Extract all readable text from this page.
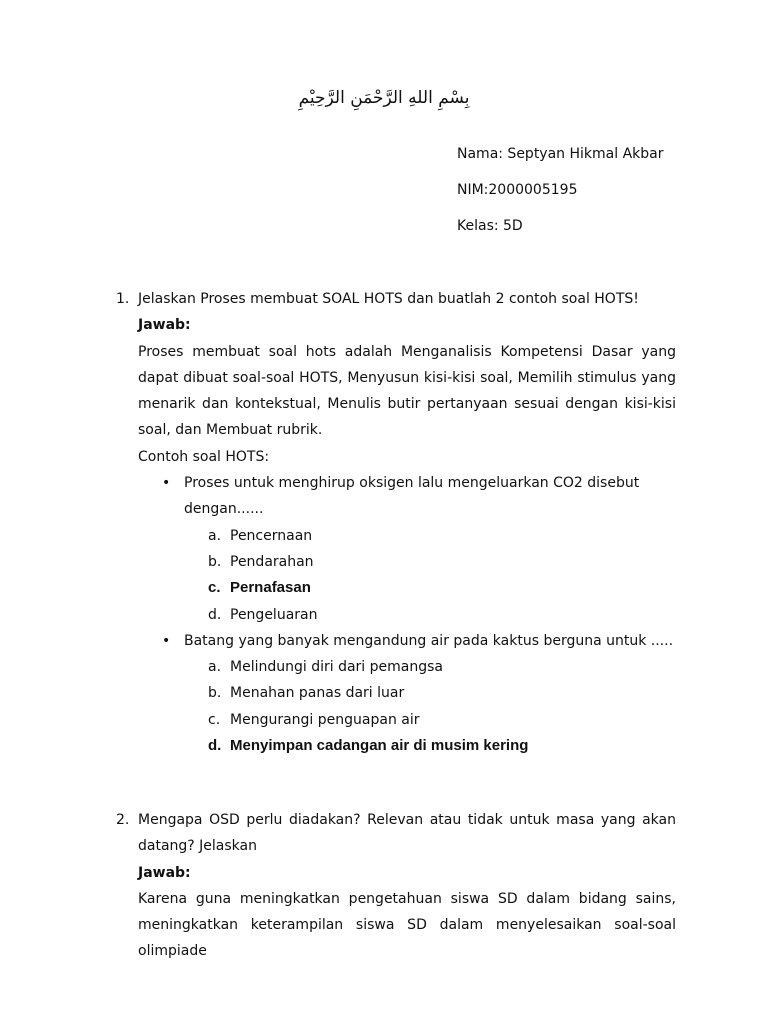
بِسْمِ اللهِ الرَّحْمَنِ الرَّحِيْمِ
Nama: Septyan Hikmal Akbar
NIM:2000005195
Kelas: 5D
1. Jelaskan Proses membuat SOAL HOTS dan buatlah 2 contoh soal HOTS!
Jawab:
Proses membuat soal hots adalah Menganalisis Kompetensi Dasar yang dapat dibuat soal-soal HOTS, Menyusun kisi-kisi soal, Memilih stimulus yang menarik dan kontekstual, Menulis butir pertanyaan sesuai dengan kisi-kisi soal, dan Membuat rubrik.
Contoh soal HOTS:
• Proses untuk menghirup oksigen lalu mengeluarkan CO2 disebut dengan......
a. Pencernaan
b. Pendarahan
c. Pernafasan
d. Pengeluaran
• Batang yang banyak mengandung air pada kaktus berguna untuk .....
a. Melindungi diri dari pemangsa
b. Menahan panas dari luar
c. Mengurangi penguapan air
d. Menyimpan cadangan air di musim kering
2. Mengapa OSD perlu diadakan? Relevan atau tidak untuk masa yang akan datang? Jelaskan
Jawab:
Karena guna meningkatkan pengetahuan siswa SD dalam bidang sains, meningkatkan keterampilan siswa SD dalam menyelesaikan soal-soal olimpiade
